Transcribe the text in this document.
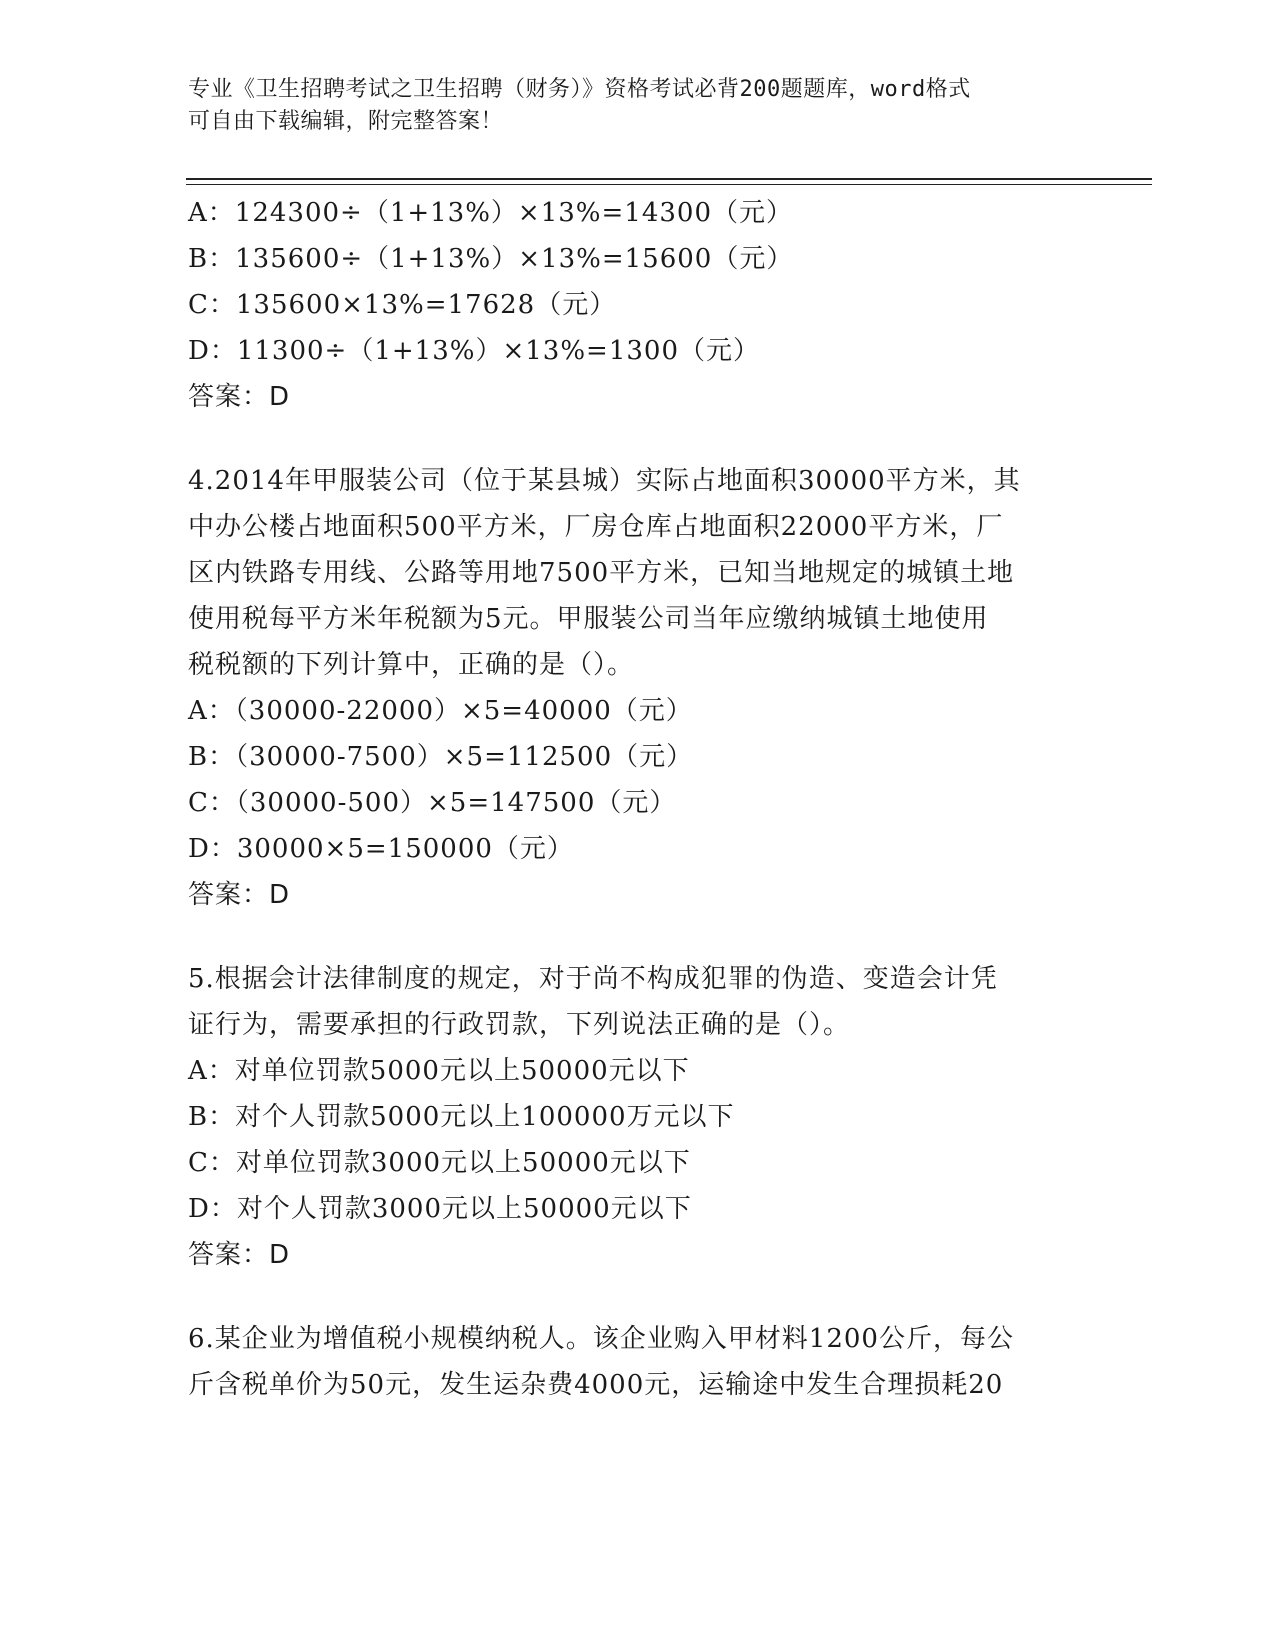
专业《卫生招聘考试之卫生招聘（财务）》资格考试必背200题题库，word格式
可自由下载编辑，附完整答案！
A：124300÷（1+13%）×13%=14300（元）
B：135600÷（1+13%）×13%=15600（元）
C：135600×13%=17628（元）
D：11300÷（1+13%）×13%=1300（元）
答案：D
4.2014年甲服装公司（位于某县城）实际占地面积30000平方米，其
中办公楼占地面积500平方米，厂房仓库占地面积22000平方米，厂
区内铁路专用线、公路等用地7500平方米，已知当地规定的城镇土地
使用税每平方米年税额为5元。甲服装公司当年应缴纳城镇土地使用
税税额的下列计算中，正确的是（）。
A：（30000-22000）×5=40000（元）
B：（30000-7500）×5=112500（元）
C：（30000-500）×5=147500（元）
D：30000×5=150000（元）
答案：D
5.根据会计法律制度的规定，对于尚不构成犯罪的伪造、变造会计凭
证行为，需要承担的行政罚款，下列说法正确的是（）。
A：对单位罚款5000元以上50000元以下
B：对个人罚款5000元以上100000万元以下
C：对单位罚款3000元以上50000元以下
D：对个人罚款3000元以上50000元以下
答案：D
6.某企业为增值税小规模纳税人。该企业购入甲材料1200公斤，每公
斤含税单价为50元，发生运杂费4000元，运输途中发生合理损耗20
